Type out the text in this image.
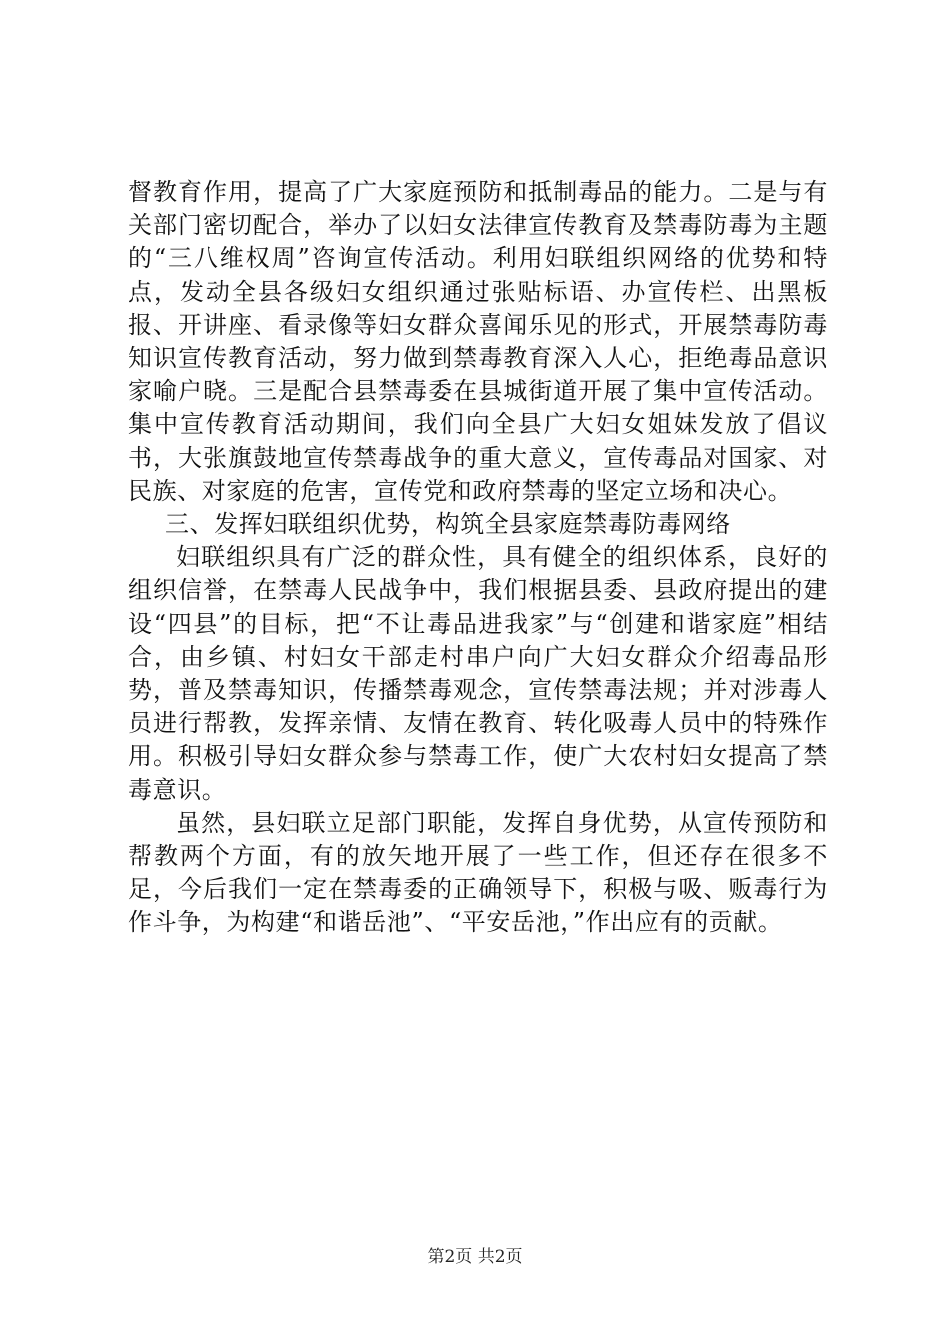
督教育作用，提高了广大家庭预防和抵制毒品的能力。二是与有关部门密切配合，举办了以妇女法律宣传教育及禁毒防毒为主题的“三八维权周”咨询宣传活动。利用妇联组织网络的优势和特点，发动全县各级妇女组织通过张贴标语、办宣传栏、出黑板报、开讲座、看录像等妇女群众喜闻乐见的形式，开展禁毒防毒知识宣传教育活动，努力做到禁毒教育深入人心，拒绝毒品意识家喻户晓。三是配合县禁毒委在县城街道开展了集中宣传活动。集中宣传教育活动期间，我们向全县广大妇女姐妹发放了倡议书，大张旗鼓地宣传禁毒战争的重大意义，宣传毒品对国家、对民族、对家庭的危害，宣传党和政府禁毒的坚定立场和决心。

三、发挥妇联组织优势，构筑全县家庭禁毒防毒网络

妇联组织具有广泛的群众性，具有健全的组织体系，良好的组织信誉，在禁毒人民战争中，我们根据县委、县政府提出的建设“四县”的目标，把“不让毒品进我家”与“创建和谐家庭”相结合，由乡镇、村妇女干部走村串户向广大妇女群众介绍毒品形势，普及禁毒知识，传播禁毒观念，宣传禁毒法规；并对涉毒人员进行帮教，发挥亲情、友情在教育、转化吸毒人员中的特殊作用。积极引导妇女群众参与禁毒工作，使广大农村妇女提高了禁毒意识。

虽然，县妇联立足部门职能，发挥自身优势，从宣传预防和帮教两个方面，有的放矢地开展了一些工作，但还存在很多不足，今后我们一定在禁毒委的正确领导下，积极与吸、贩毒行为作斗争，为构建“和谐岳池”、“平安岳池，”作出应有的贡献。

第2页 共2页
